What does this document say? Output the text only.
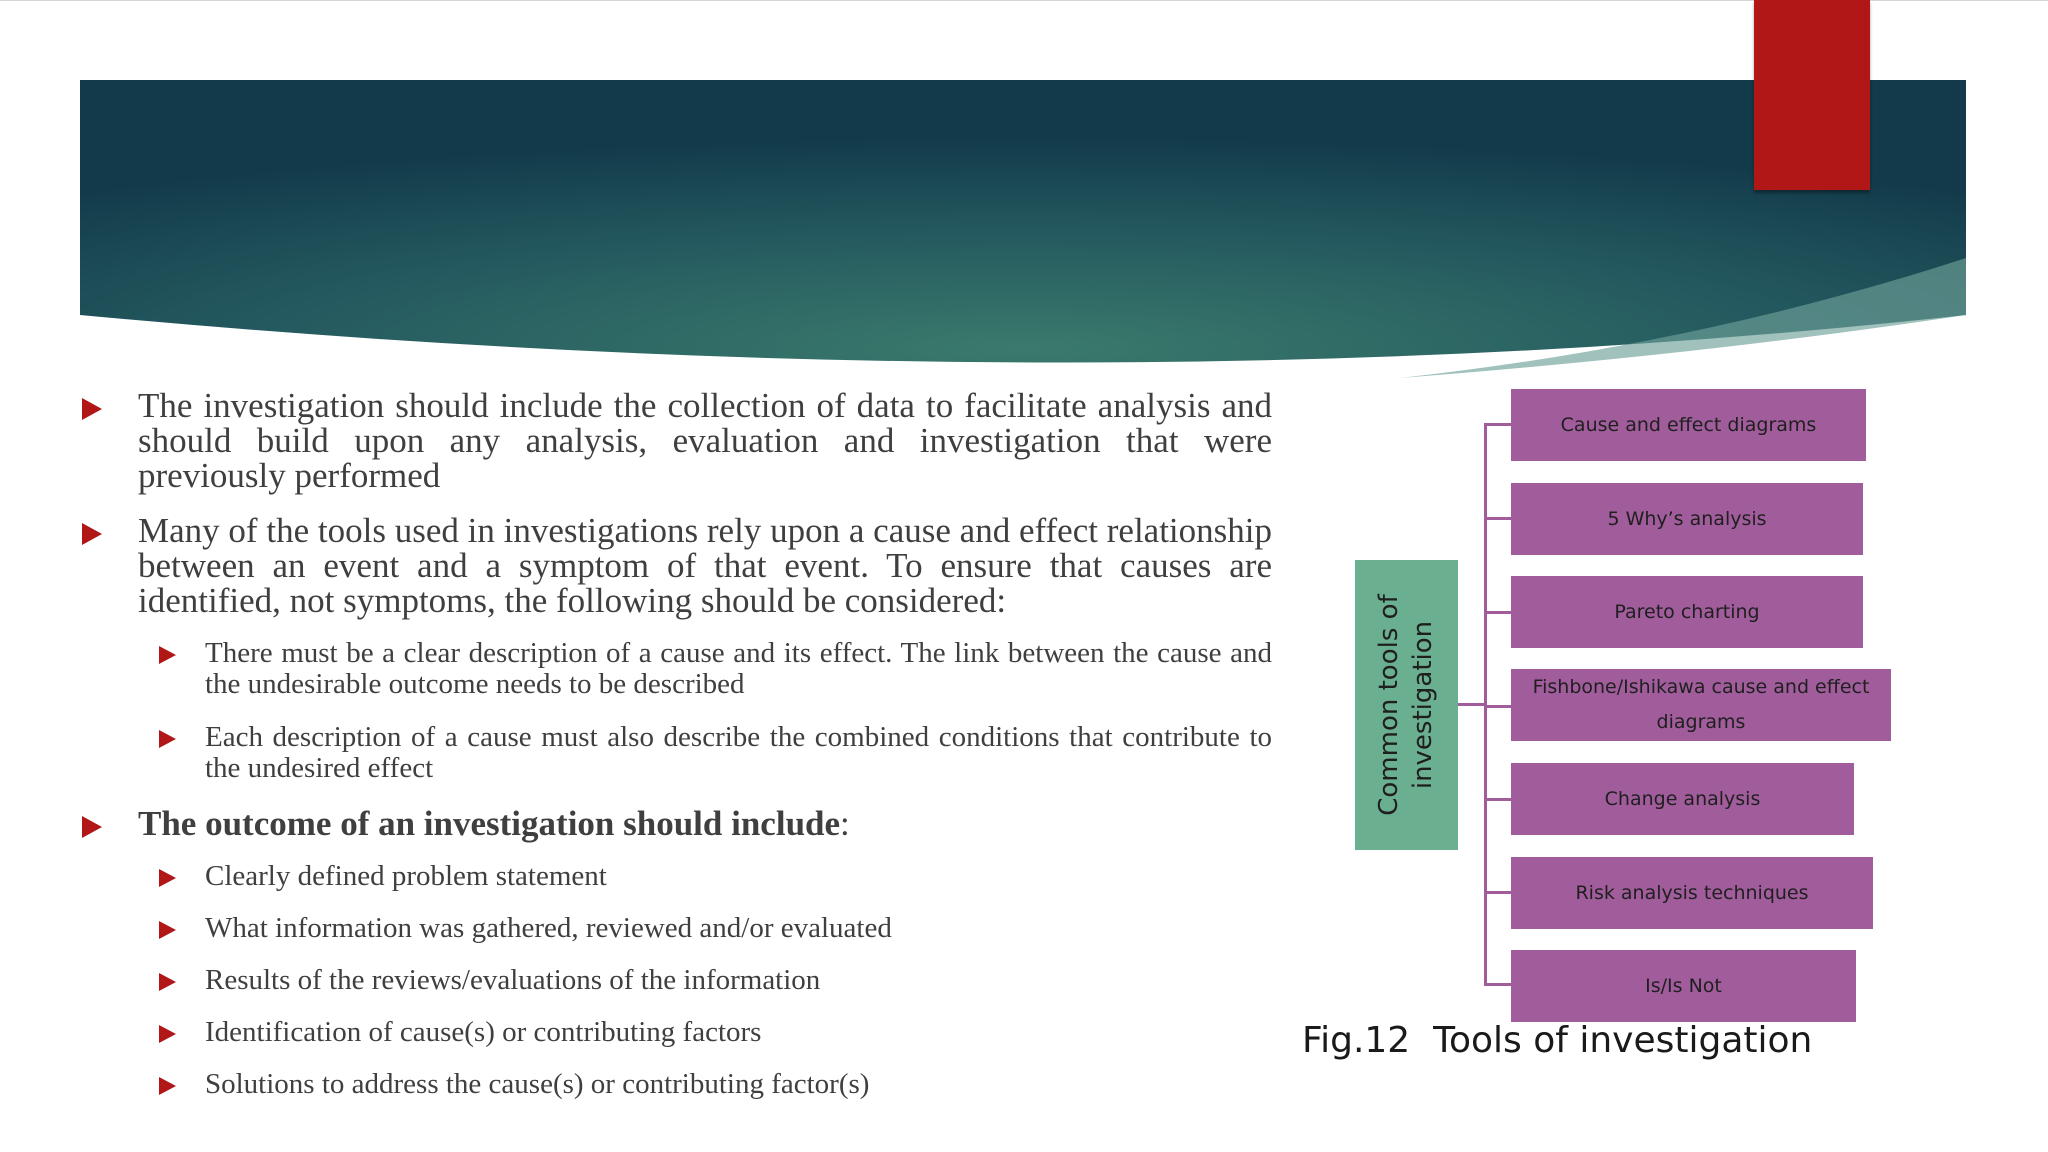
The investigation should include the collection of data to facilitate analysis and should build upon any analysis, evaluation and investigation that were previously performed
Many of the tools used in investigations rely upon a cause and effect relationship between an event and a symptom of that event. To ensure that causes are identified, not symptoms, the following should be considered:
There must be a clear description of a cause and its effect. The link between the cause and the undesirable outcome needs to be described
Each description of a cause must also describe the combined conditions that contribute to the undesired effect
The outcome of an investigation should include:
Clearly defined problem statement
What information was gathered, reviewed and/or evaluated
Results of the reviews/evaluations of the information
Identification of cause(s) or contributing factors
Solutions to address the cause(s) or contributing factor(s)
Common tools of investigation
Cause and effect diagrams
5 Why’s analysis
Pareto charting
Fishbone/Ishikawa cause and effect diagrams
Change analysis
Risk analysis techniques
Is/Is Not
Fig.12  Tools of investigation
